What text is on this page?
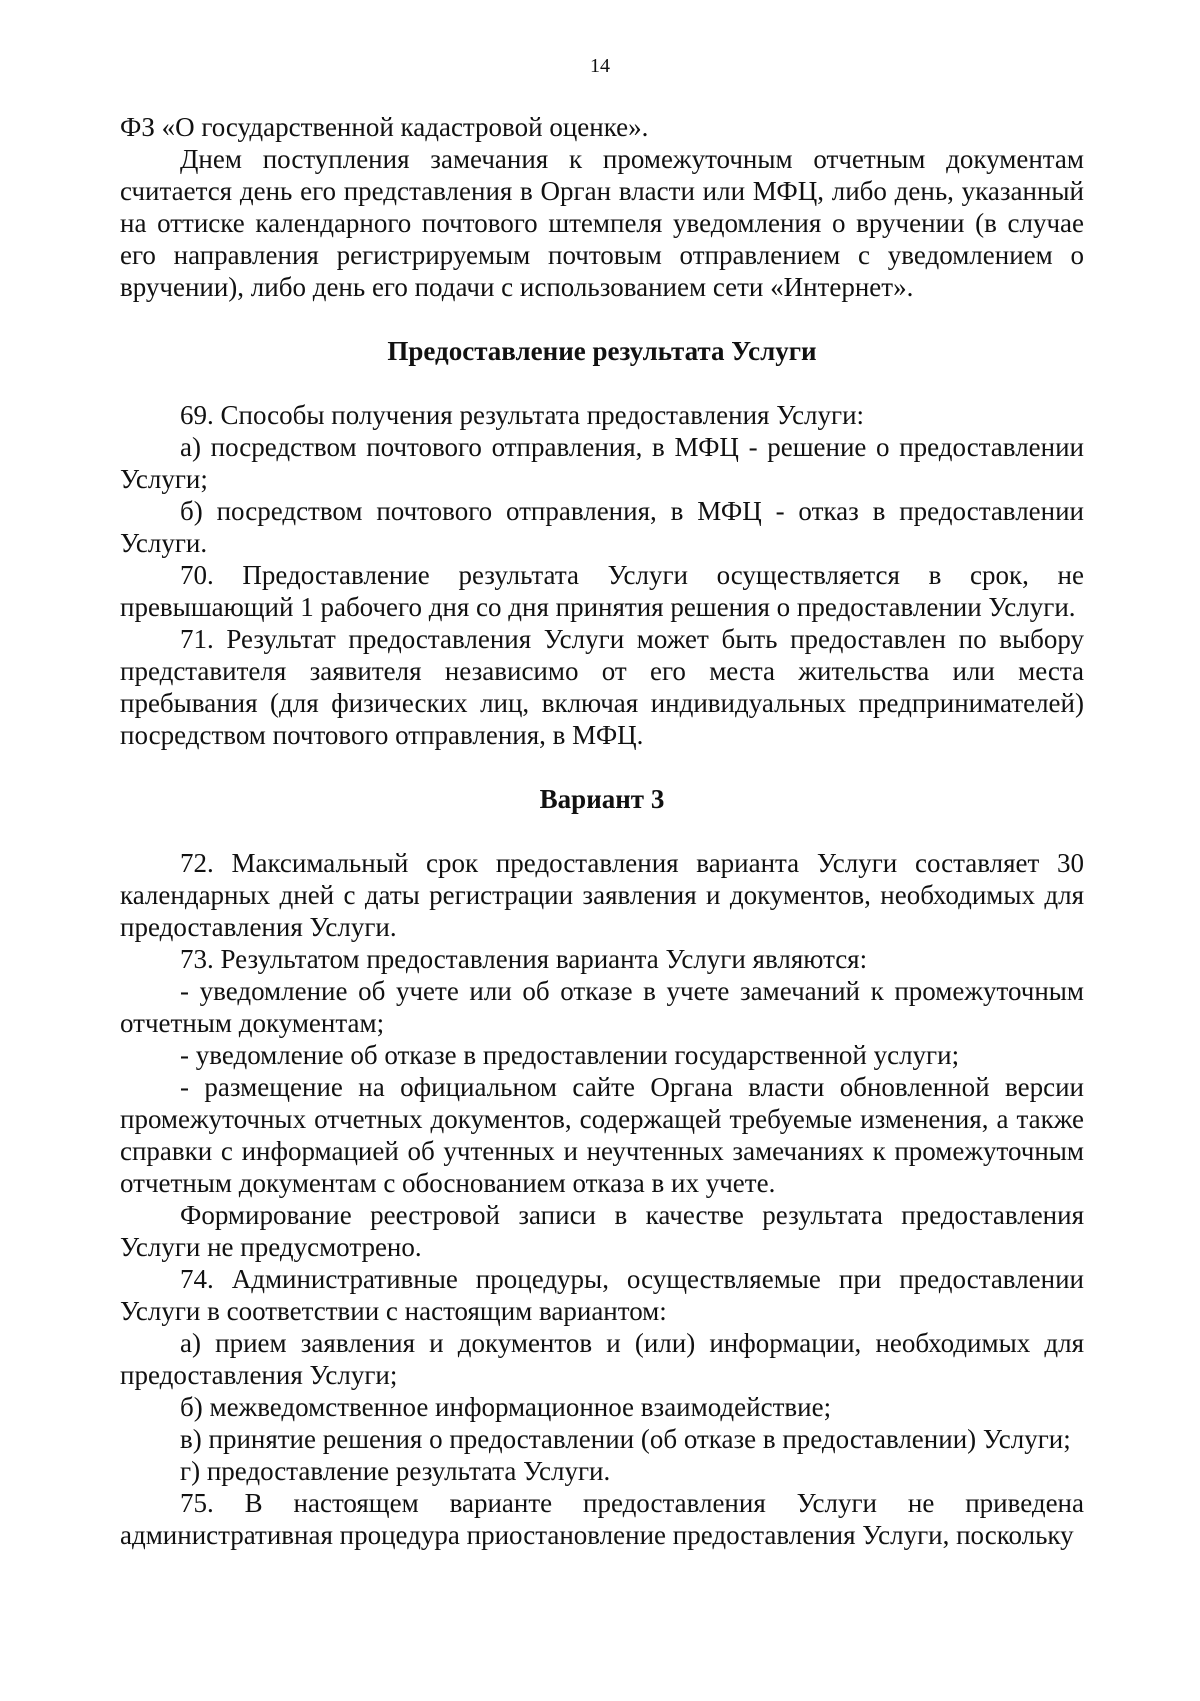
14

ФЗ «О государственной кадастровой оценке».

Днем поступления замечания к промежуточным отчетным документам считается день его представления в Орган власти или МФЦ, либо день, указанный на оттиске календарного почтового штемпеля уведомления о вручении (в случае его направления регистрируемым почтовым отправлением с уведомлением о вручении), либо день его подачи с использованием сети «Интернет».

Предоставление результата Услуги

69. Способы получения результата предоставления Услуги:

а) посредством почтового отправления, в МФЦ - решение о предоставлении Услуги;

б) посредством почтового отправления, в МФЦ - отказ в предоставлении Услуги.

70. Предоставление результата Услуги осуществляется в срок, не превышающий 1 рабочего дня со дня принятия решения о предоставлении Услуги.

71. Результат предоставления Услуги может быть предоставлен по выбору представителя заявителя независимо от его места жительства или места пребывания (для физических лиц, включая индивидуальных предпринимателей) посредством почтового отправления, в МФЦ.

Вариант 3

72. Максимальный срок предоставления варианта Услуги составляет 30 календарных дней с даты регистрации заявления и документов, необходимых для предоставления Услуги.

73. Результатом предоставления варианта Услуги являются:

- уведомление об учете или об отказе в учете замечаний к промежуточным отчетным документам;

- уведомление об отказе в предоставлении государственной услуги;

- размещение на официальном сайте Органа власти обновленной версии промежуточных отчетных документов, содержащей требуемые изменения, а также справки с информацией об учтенных и неучтенных замечаниях к промежуточным отчетным документам с обоснованием отказа в их учете.

Формирование реестровой записи в качестве результата предоставления Услуги не предусмотрено.

74. Административные процедуры, осуществляемые при предоставлении Услуги в соответствии с настоящим вариантом:

а) прием заявления и документов и (или) информации, необходимых для предоставления Услуги;

б) межведомственное информационное взаимодействие;

в) принятие решения о предоставлении (об отказе в предоставлении) Услуги;

г) предоставление результата Услуги.

75. В настоящем варианте предоставления Услуги не приведена административная процедура приостановление предоставления Услуги, поскольку
